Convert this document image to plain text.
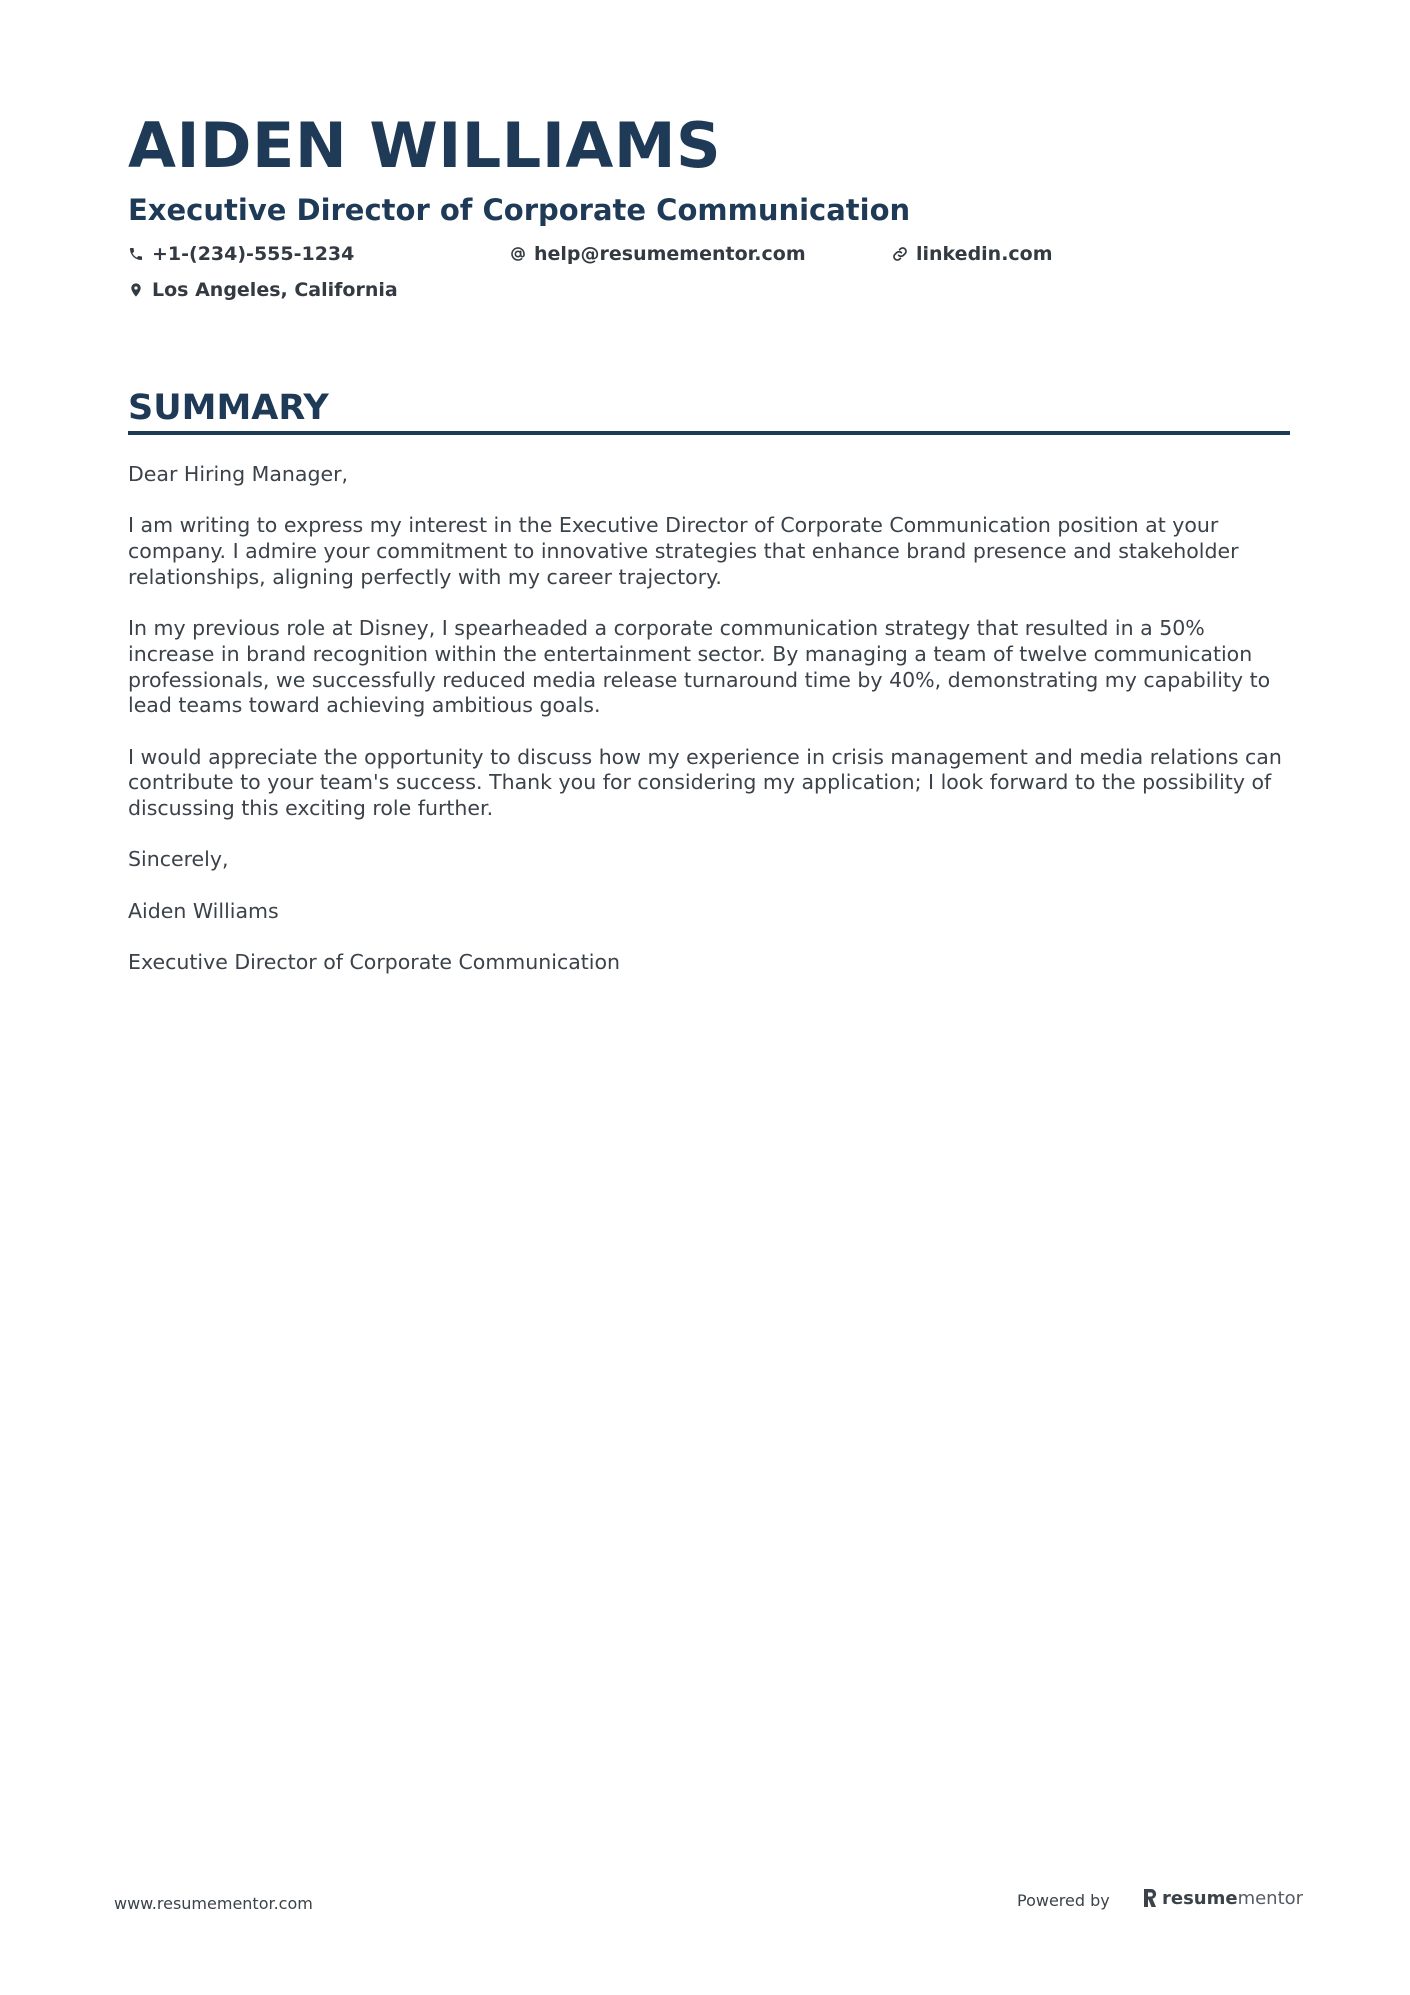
AIDEN WILLIAMS
Executive Director of Corporate Communication
+1-(234)-555-1234	help@resumementor.com	linkedin.com
Los Angeles, California
SUMMARY

Dear Hiring Manager,

I am writing to express my interest in the Executive Director of Corporate Communication position at your company. I admire your commitment to innovative strategies that enhance brand presence and stakeholder relationships, aligning perfectly with my career trajectory.

In my previous role at Disney, I spearheaded a corporate communication strategy that resulted in a 50% increase in brand recognition within the entertainment sector. By managing a team of twelve communication professionals, we successfully reduced media release turnaround time by 40%, demonstrating my capability to lead teams toward achieving ambitious goals.

I would appreciate the opportunity to discuss how my experience in crisis management and media relations can contribute to your team's success. Thank you for considering my application; I look forward to the possibility of discussing this exciting role further.

Sincerely,

Aiden Williams

Executive Director of Corporate Communication

www.resumementor.com	Powered by	resumementor
